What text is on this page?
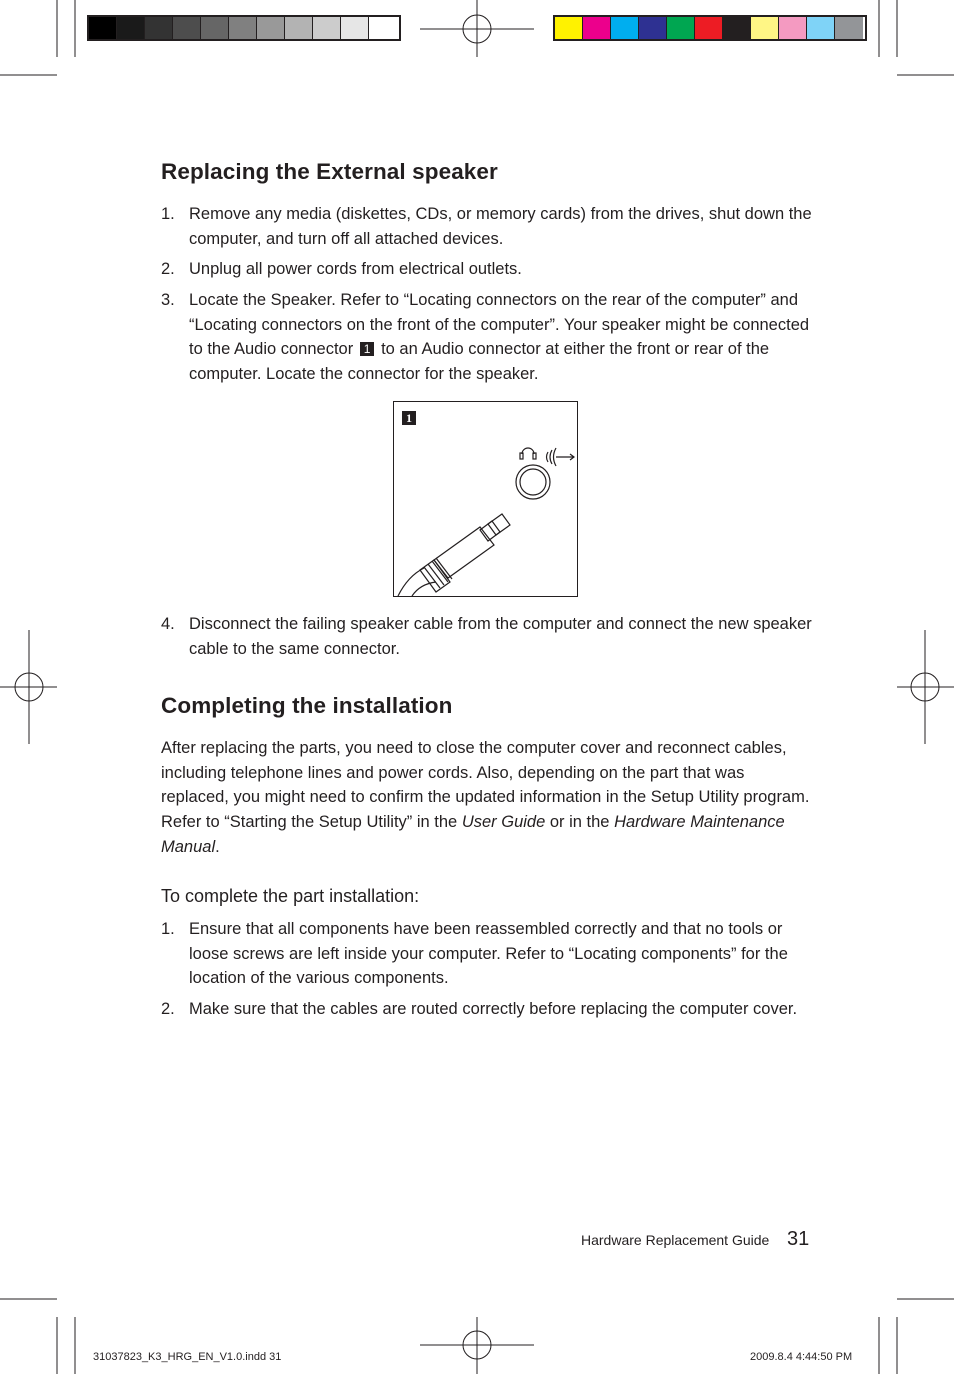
Replacing the External speaker
1. Remove any media (diskettes, CDs, or memory cards) from the drives, shut down the computer, and turn off all attached devices.
2. Unplug all power cords from electrical outlets.
3. Locate the Speaker. Refer to “Locating connectors on the rear of the computer” and “Locating connectors on the front of the computer”. Your speaker might be connected to the Audio connector 1 to an Audio connector at either the front or rear of the computer. Locate the connector for the speaker.
1
4. Disconnect the failing speaker cable from the computer and connect the new speaker cable to the same connector.
Completing the installation
After replacing the parts, you need to close the computer cover and reconnect cables, including telephone lines and power cords. Also, depending on the part that was replaced, you might need to confirm the updated information in the Setup Utility program. Refer to “Starting the Setup Utility” in the User Guide or in the Hardware Maintenance Manual.
To complete the part installation:
1. Ensure that all components have been reassembled correctly and that no tools or loose screws are left inside your computer. Refer to “Locating components” for the location of the various components.
2. Make sure that the cables are routed correctly before replacing the computer cover.
Hardware Replacement Guide 31
31037823_K3_HRG_EN_V1.0.indd 31	2009.8.4 4:44:50 PM
